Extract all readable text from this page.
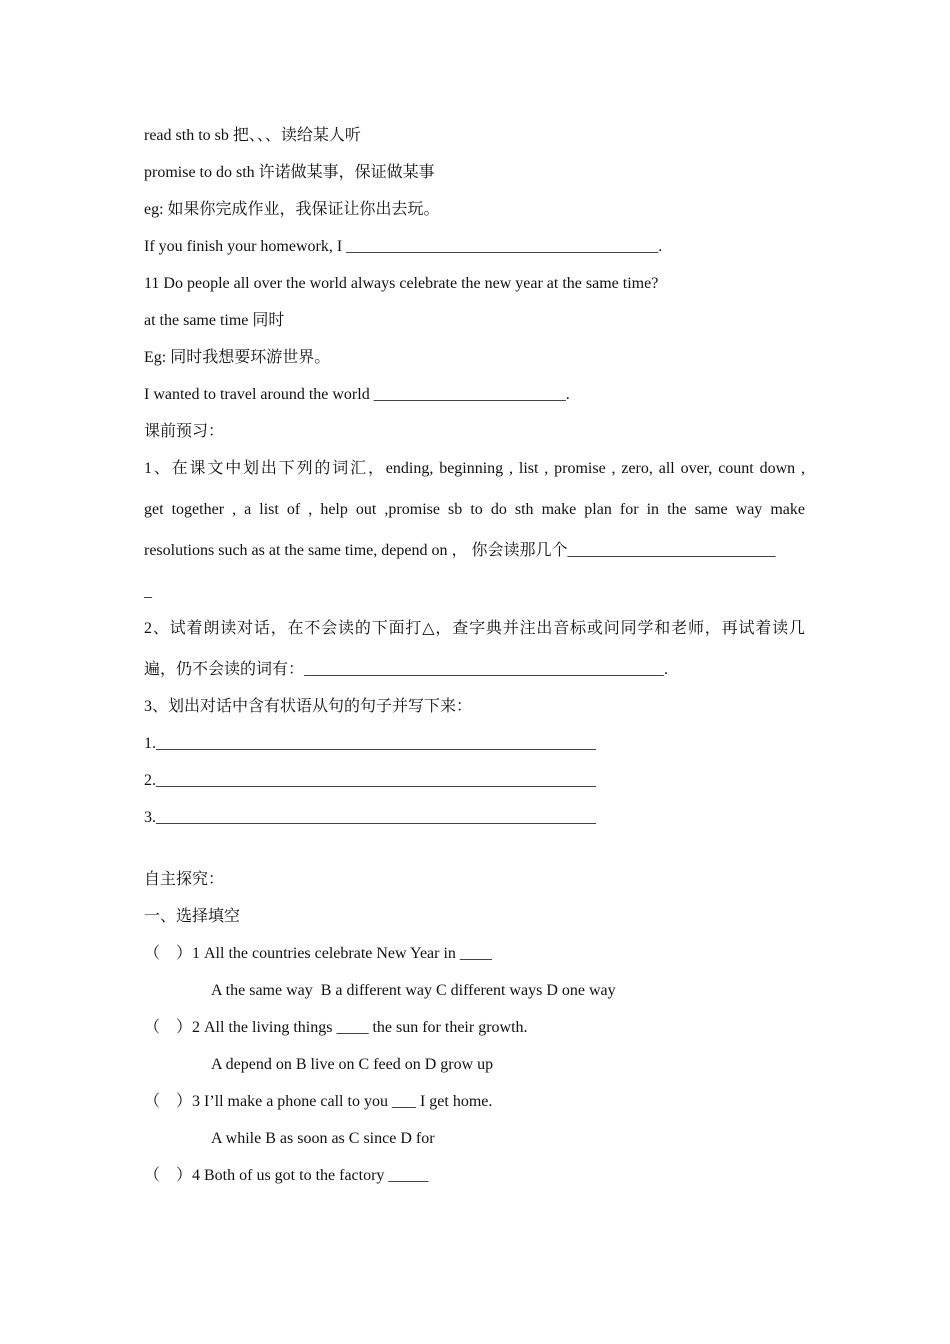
read sth to sb 把、、、读给某人听
promise to do sth 许诺做某事，保证做某事
eg: 如果你完成作业，我保证让你出去玩。
If you finish your homework, I _______________________________________.
11 Do people all over the world always celebrate the new year at the same time?
at the same time 同时
Eg: 同时我想要环游世界。
I wanted to travel around the world ________________________.
课前预习：
1、在课文中划出下列的词汇，ending, beginning , list , promise , zero, all over, count down ,
get together , a list of , help out ,promise sb to do sth make plan for in the same way make
resolutions such as at the same time, depend on ， 你会读那几个__________________________
_
2、试着朗读对话，在不会读的下面打△，查字典并注出音标或问同学和老师，再试着读几
遍，仍不会读的词有：_____________________________________________.
3、划出对话中含有状语从句的句子并写下来：
1._______________________________________________________
2._______________________________________________________
3._______________________________________________________
自主探究：
一、选择填空
（    ）1 All the countries celebrate New Year in ____
A the same way  B a different way C different ways D one way
（    ）2 All the living things ____ the sun for their growth.
A depend on B live on C feed on D grow up
（    ）3 I’ll make a phone call to you ___ I get home.
A while B as soon as C since D for
（    ）4 Both of us got to the factory _____
